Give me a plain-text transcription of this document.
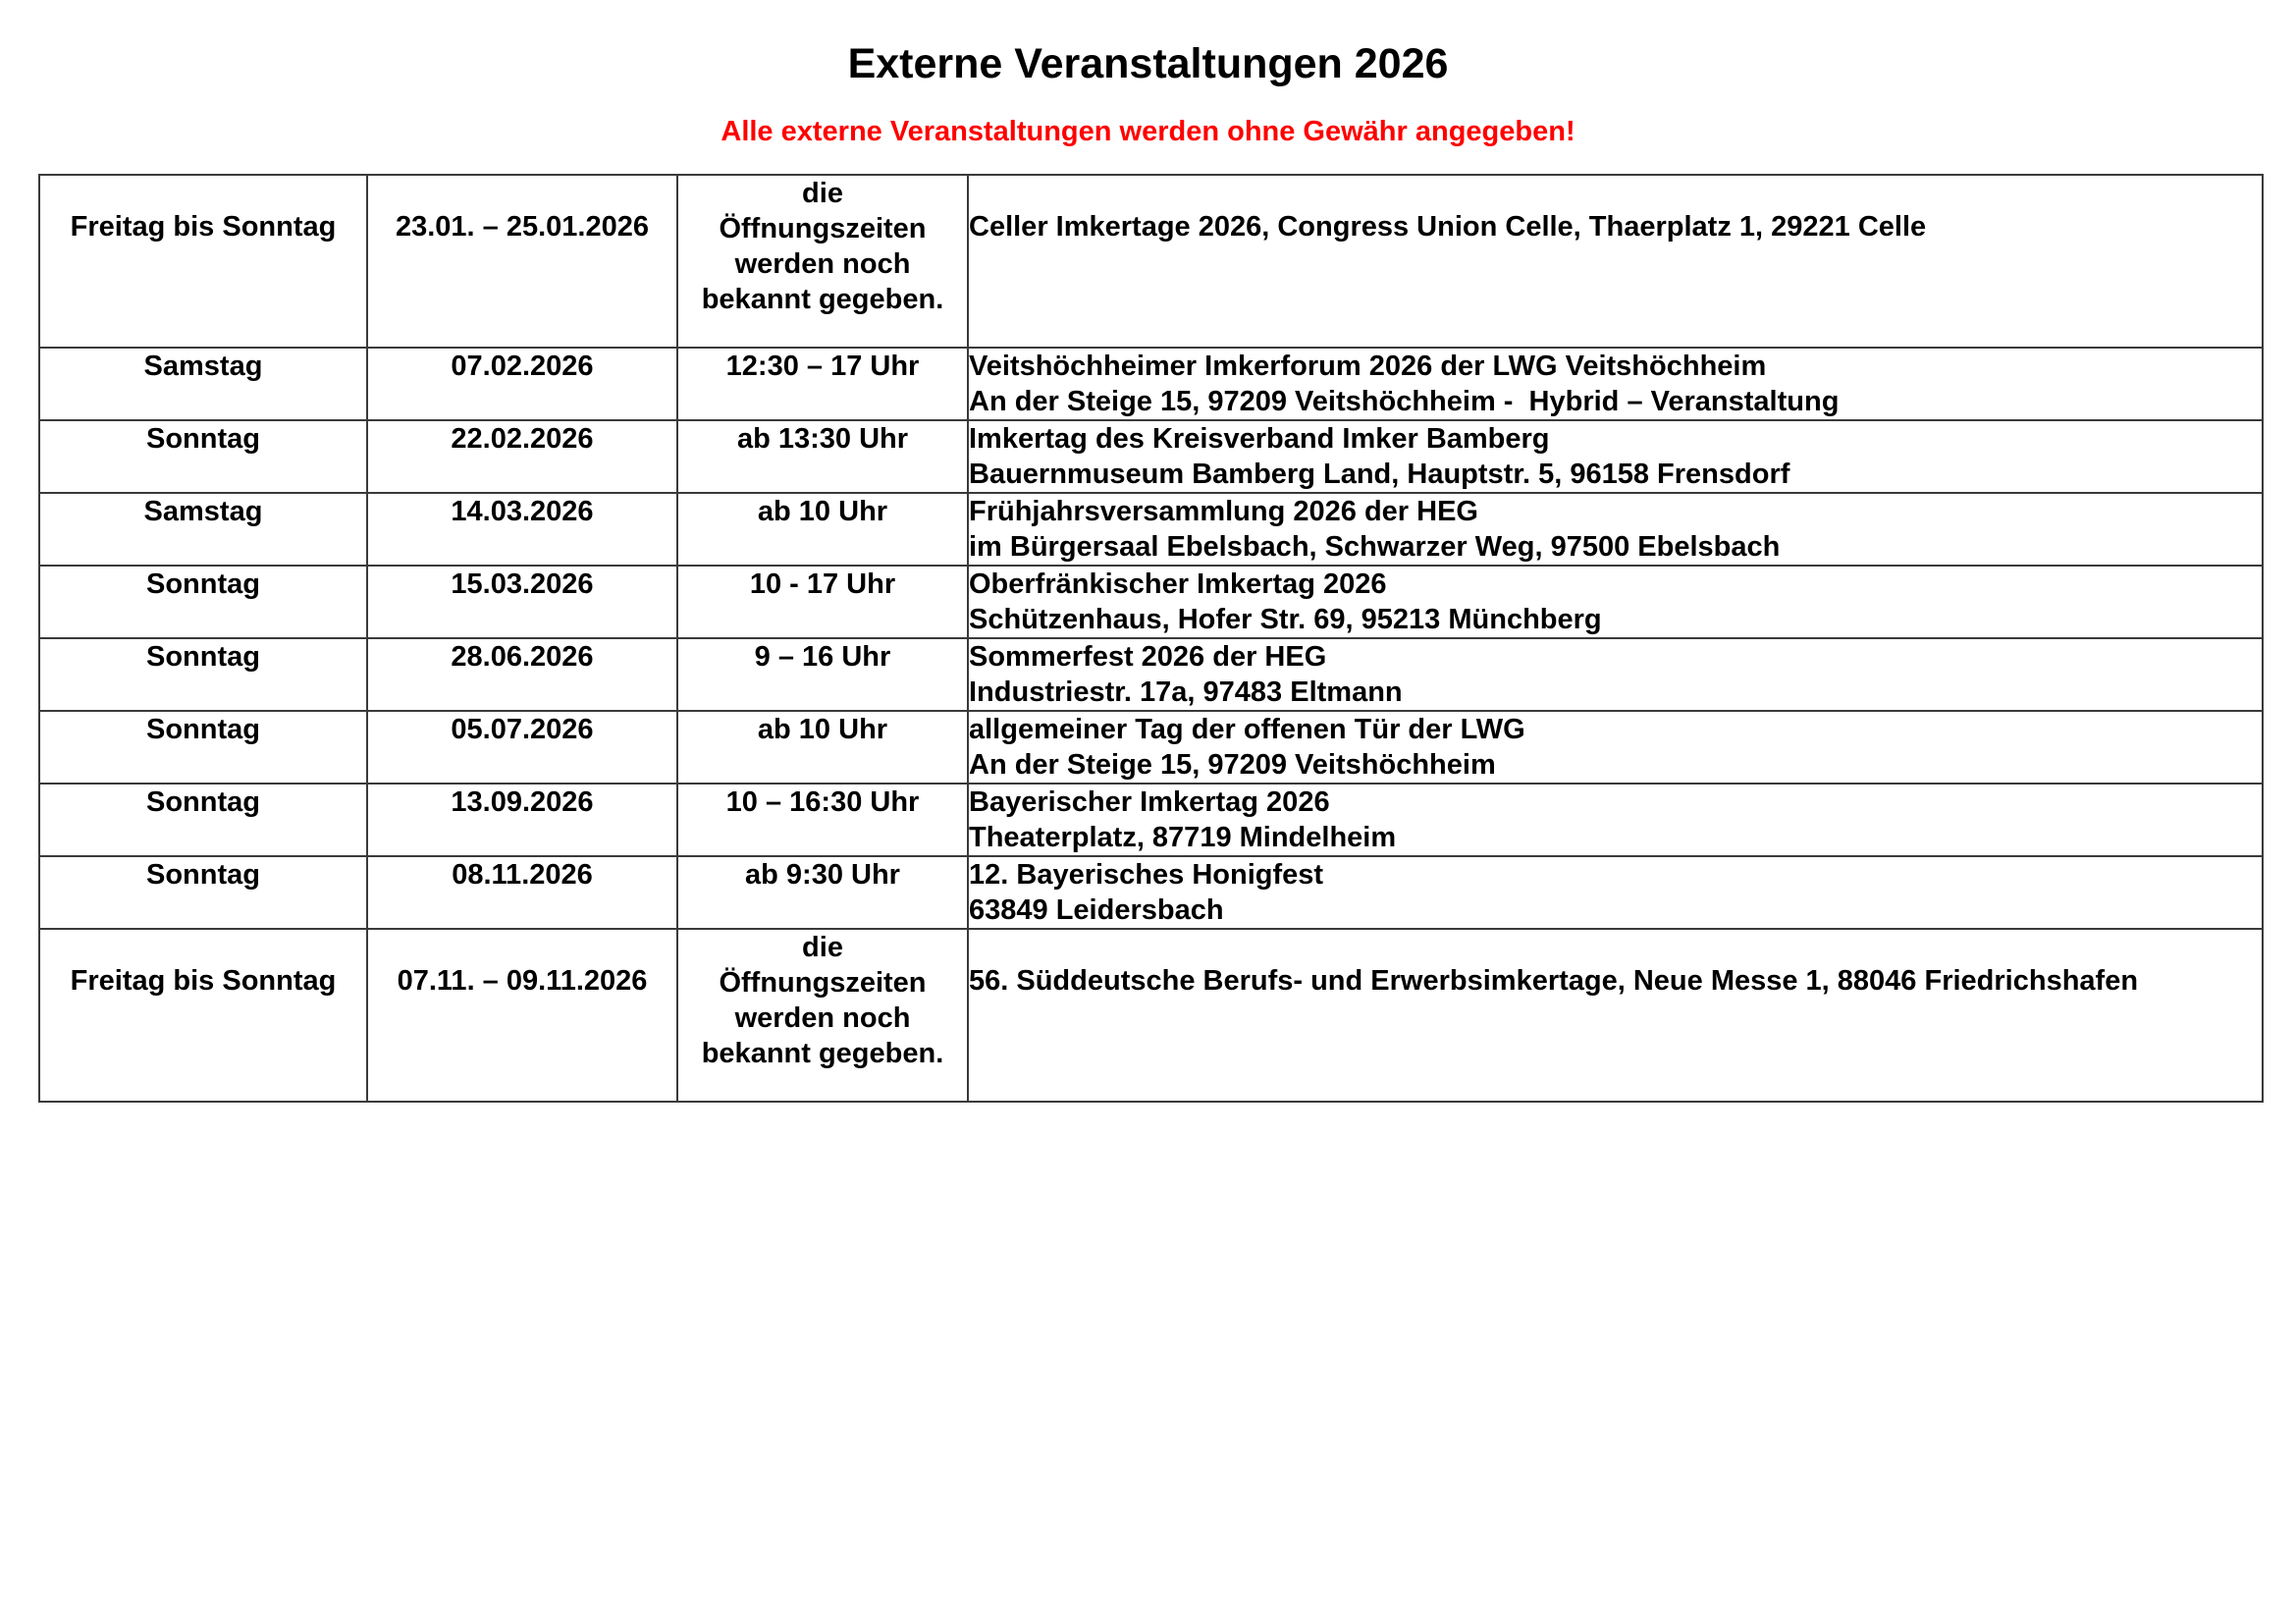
Externe Veranstaltungen 2026
Alle externe Veranstaltungen werden ohne Gewähr angegeben!
Freitag bis Sonntag	23.01. – 25.01.2026	die
Öffnungszeiten
werden noch
bekannt gegeben.	Celler Imkertage 2026, Congress Union Celle, Thaerplatz 1, 29221 Celle

Samstag	07.02.2026	12:30 – 17 Uhr	Veitshöchheimer Imkerforum 2026 der LWG Veitshöchheim
An der Steige 15, 97209 Veitshöchheim -  Hybrid – Veranstaltung

Sonntag	22.02.2026	ab 13:30 Uhr	Imkertag des Kreisverband Imker Bamberg
Bauernmuseum Bamberg Land, Hauptstr. 5, 96158 Frensdorf

Samstag	14.03.2026	ab 10 Uhr	Frühjahrsversammlung 2026 der HEG
im Bürgersaal Ebelsbach, Schwarzer Weg, 97500 Ebelsbach

Sonntag	15.03.2026	10 - 17 Uhr	Oberfränkischer Imkertag 2026
Schützenhaus, Hofer Str. 69, 95213 Münchberg

Sonntag	28.06.2026	9 – 16 Uhr	Sommerfest 2026 der HEG
Industriestr. 17a, 97483 Eltmann

Sonntag	05.07.2026	ab 10 Uhr	allgemeiner Tag der offenen Tür der LWG
An der Steige 15, 97209 Veitshöchheim

Sonntag	13.09.2026	10 – 16:30 Uhr	Bayerischer Imkertag 2026
Theaterplatz, 87719 Mindelheim

Sonntag	08.11.2026	ab 9:30 Uhr	12. Bayerisches Honigfest
63849 Leidersbach

Freitag bis Sonntag	07.11. – 09.11.2026	die
Öffnungszeiten
werden noch
bekannt gegeben.	56. Süddeutsche Berufs- und Erwerbsimkertage, Neue Messe 1, 88046 Friedrichshafen
